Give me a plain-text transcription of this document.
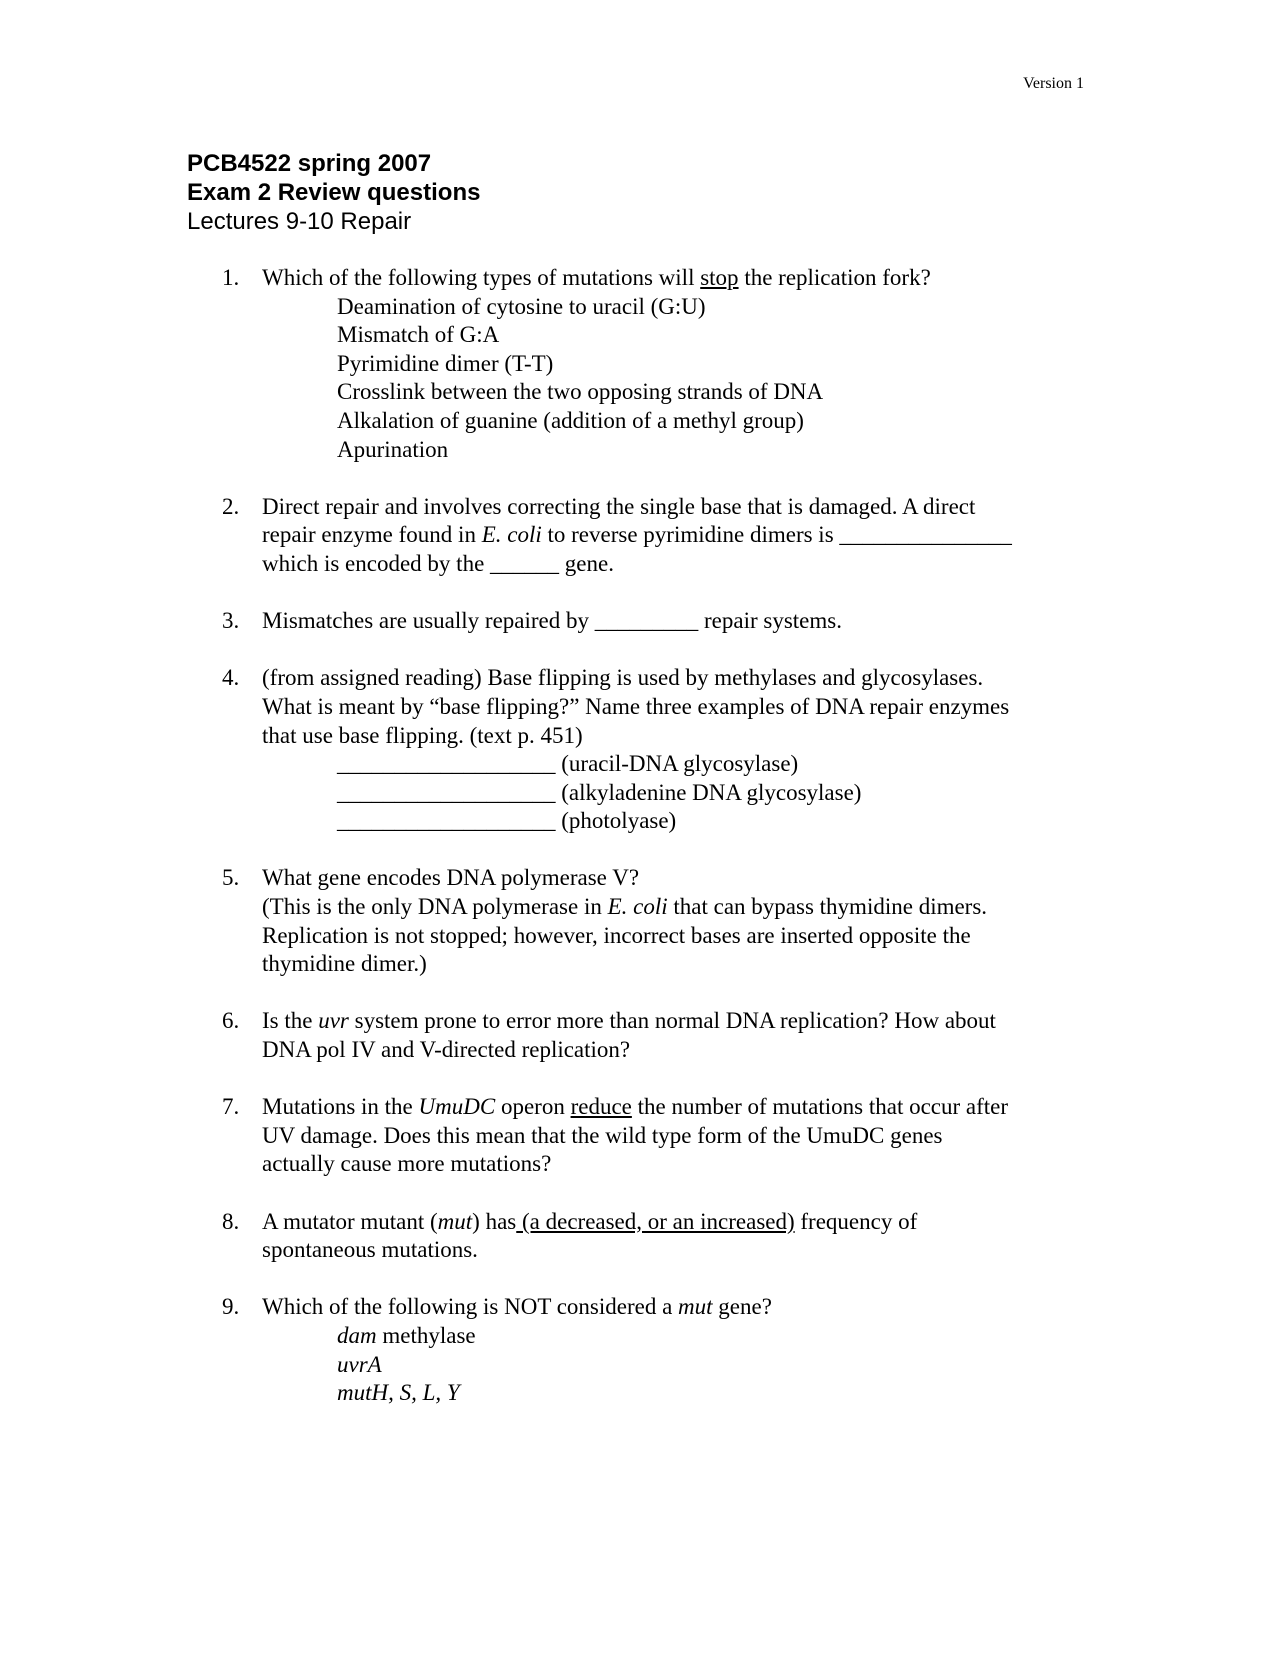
Version 1
PCB4522 spring 2007
Exam 2 Review questions
Lectures 9-10 Repair
1. Which of the following types of mutations will stop the replication fork?
Deamination of cytosine to uracil (G:U)
Mismatch of G:A
Pyrimidine dimer (T-T)
Crosslink between the two opposing strands of DNA
Alkalation of guanine (addition of a methyl group)
Apurination
2. Direct repair and involves correcting the single base that is damaged. A direct
repair enzyme found in E. coli to reverse pyrimidine dimers is _______________
which is encoded by the ______ gene.
3. Mismatches are usually repaired by _________ repair systems.
4. (from assigned reading) Base flipping is used by methylases and glycosylases.
What is meant by “base flipping?” Name three examples of DNA repair enzymes
that use base flipping. (text p. 451)
___________________ (uracil-DNA glycosylase)
___________________ (alkyladenine DNA glycosylase)
___________________ (photolyase)
5. What gene encodes DNA polymerase V?
(This is the only DNA polymerase in E. coli that can bypass thymidine dimers.
Replication is not stopped; however, incorrect bases are inserted opposite the
thymidine dimer.)
6. Is the uvr system prone to error more than normal DNA replication? How about
DNA pol IV and V-directed replication?
7. Mutations in the UmuDC operon reduce the number of mutations that occur after
UV damage. Does this mean that the wild type form of the UmuDC genes
actually cause more mutations?
8. A mutator mutant (mut) has (a decreased, or an increased) frequency of
spontaneous mutations.
9. Which of the following is NOT considered a mut gene?
dam methylase
uvrA
mutH, S, L, Y
